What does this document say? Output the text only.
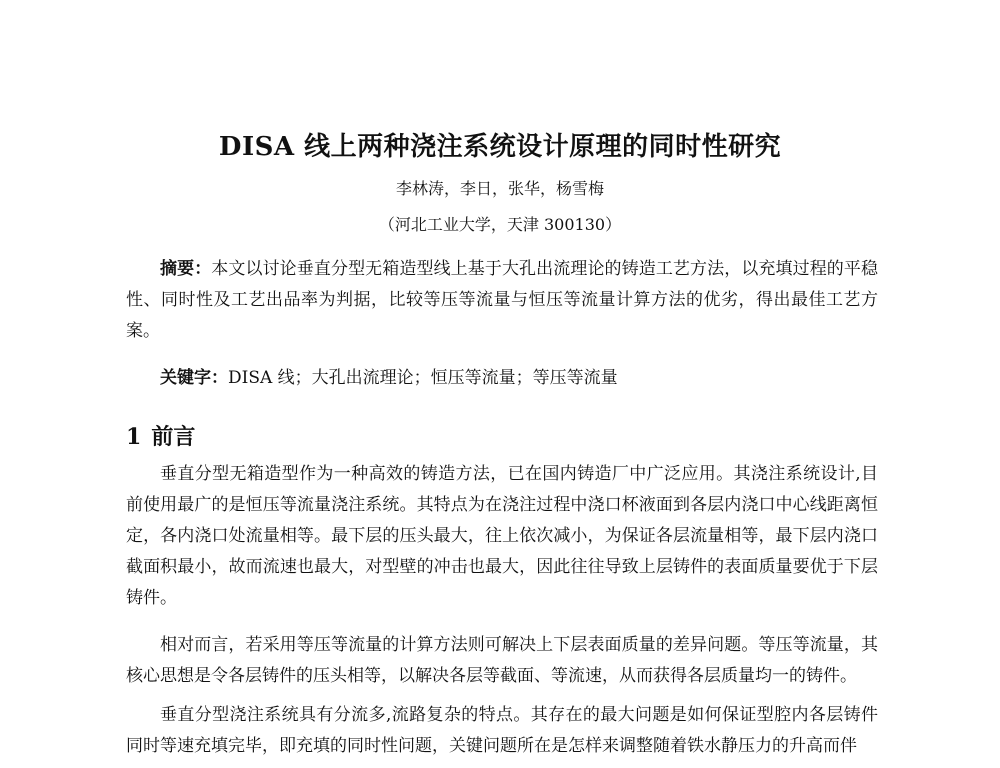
DISA 线上两种浇注系统设计原理的同时性研究
李林涛，李日，张华，杨雪梅
（河北工业大学，天津 300130）
摘要：本文以讨论垂直分型无箱造型线上基于大孔出流理论的铸造工艺方法，以充填过程的平稳性、同时性及工艺出品率为判据，比较等压等流量与恒压等流量计算方法的优劣，得出最佳工艺方案。
关键字：DISA 线；大孔出流理论；恒压等流量；等压等流量
1 前言
垂直分型无箱造型作为一种高效的铸造方法，已在国内铸造厂中广泛应用。其浇注系统设计,目前使用最广的是恒压等流量浇注系统。其特点为在浇注过程中浇口杯液面到各层内浇口中心线距离恒定，各内浇口处流量相等。最下层的压头最大，往上依次减小，为保证各层流量相等，最下层内浇口截面积最小，故而流速也最大，对型壁的冲击也最大，因此往往导致上层铸件的表面质量要优于下层铸件。
相对而言，若采用等压等流量的计算方法则可解决上下层表面质量的差异问题。等压等流量，其核心思想是令各层铸件的压头相等，以解决各层等截面、等流速，从而获得各层质量均一的铸件。
垂直分型浇注系统具有分流多,流路复杂的特点。其存在的最大问题是如何保证型腔内各层铸件同时等速充填完毕，即充填的同时性问题，关键问题所在是怎样来调整随着铁水静压力的升高而伴
